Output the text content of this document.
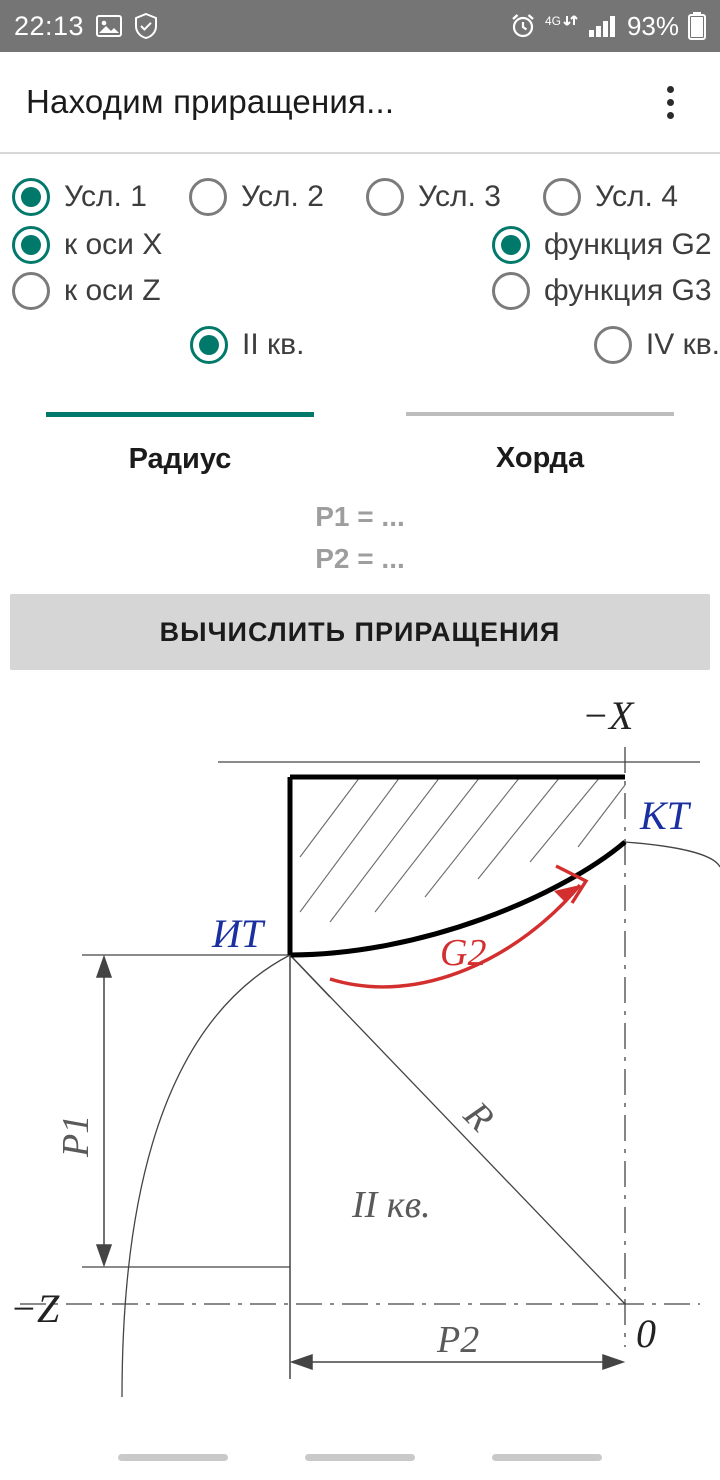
22:13	4G	93%
Находим приращения...
Усл. 1	Усл. 2	Усл. 3	Усл. 4
к оси X	функция G2
к оси Z	функция G3
II кв.	IV кв.
Радиус	Хорда
P1 = ...
P2 = ...
ВЫЧИСЛИТЬ ПРИРАЩЕНИЯ
G2
P1
P2
R
II кв.
−X
−Z
0
КТ
ИТ
